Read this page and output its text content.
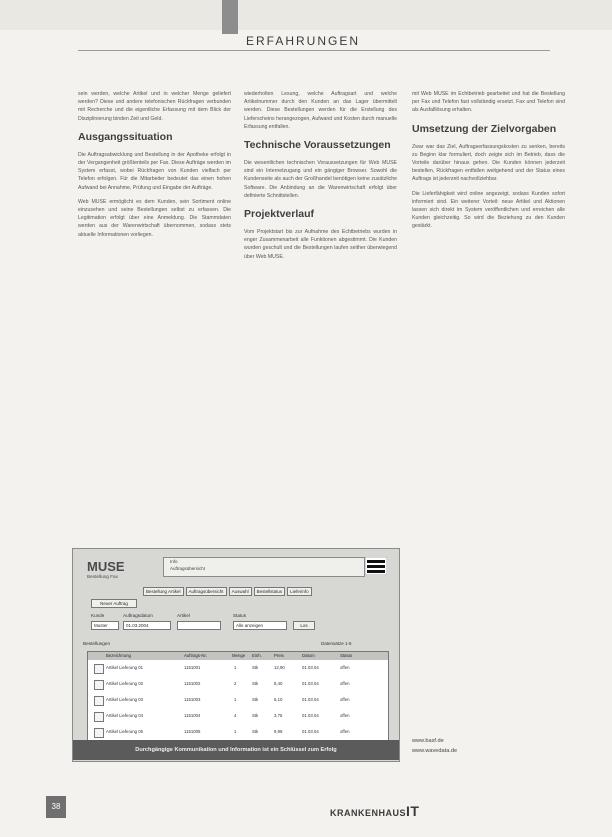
ERFAHRUNGEN

sein werden, welche Artikel und in welcher Menge geliefert werden? Diese und andere telefonischen Rückfragen verbunden mit Recherche und die eigentliche Erfassung mit dem Blick der Disziplinierung binden Zeit und Geld.

Ausgangssituation

Die Auftragsabwicklung und Bestellung in der Apotheke erfolgt in der Vergangenheit größtenteils per Fax. Diese Aufträge werden im System erfasst, wobei Rückfragen von Kunden vielfach per Telefon erfolgen. Für die Mitarbeiter bedeutet das einen hohen Aufwand bei Annahme, Prüfung und Eingabe der Aufträge.

Web MUSE ermöglicht es dem Kunden, sein Sortiment online einzusehen und seine Bestellungen selbst zu erfassen. Die Legitimation erfolgt über eine Anmeldung. Die Stammdaten werden aus der Warenwirtschaft übernommen, sodass stets aktuelle Informationen vorliegen.

wiederholten Lesung, welche Auftragsart und welche Artikelnummer durch den Kunden an das Lager übermittelt werden. Diese Bestellungen werden für die Erstellung des Lieferscheins herangezogen, Aufwand und Kosten durch manuelle Erfassung entfallen.

Technische Voraussetzungen

Die wesentlichen technischen Voraussetzungen für Web MUSE sind ein Internetzugang und ein gängiger Browser. Sowohl die Kundenseite als auch der Großhandel benötigen keine zusätzliche Software. Die Anbindung an die Warenwirtschaft erfolgt über definierte Schnittstellen.

Projektverlauf

Vom Projektstart bis zur Aufnahme des Echtbetriebs wurden in enger Zusammenarbeit alle Funktionen abgestimmt. Die Kunden wurden geschult und die Bestellungen laufen seither überwiegend über Web MUSE.

mit Web MUSE im Echtbetrieb gearbeitet und hat die Bestellung per Fax und Telefon fast vollständig ersetzt. Fax und Telefon sind als Ausfalllösung erhalten.

Umsetzung der Zielvorgaben

Zwar war das Ziel, Auftragserfassungskosten zu senken, bereits zu Beginn klar formuliert, doch zeigte sich im Betrieb, dass die Vorteile darüber hinaus gehen. Die Kunden können jederzeit bestellen, Rückfragen entfallen weitgehend und der Status eines Auftrags ist jederzeit nachvollziehbar.

Die Lieferfähigkeit wird online angezeigt, sodass Kunden sofort informiert sind. Ein weiterer Vorteil: neue Artikel und Aktionen lassen sich direkt im System veröffentlichen und erreichen alle Kunden gleichzeitig. So wird die Beziehung zu den Kunden gestärkt.

MUSE
Bestellung Fax
Info
Auftragsübersicht
Bestellung Artikel	Auftragsübersicht	Auswahl	Bestellstatus	Lieferinfo
Neuer Auftrag
Kunde
Muster
Auftragsdatum
01.03.2004
Artikel	Status
Alle anzeigen	Los
Bestellungen	Datensätze 1-5
Bezeichnung	Auftrags-Nr.	Menge Einh.	Preis	Datum	Status
Artikel Lieferung 01	1151001	1	Stk	12,90	01.03.04	offen
Artikel Lieferung 02	1151002	2	Stk	8,40	01.03.04	offen
Artikel Lieferung 03	1151003	1	Stk	5,10	01.03.04	offen
Artikel Lieferung 04	1151004	4	Stk	3,75	01.03.04	offen
Artikel Lieferung 05	1151005	1	Stk	9,99	01.03.04	offen
Durchgängige Kommunikation und Information ist ein Schlüssel zum Erfolg
www.basf.de
www.wavedata.de
38
KRANKENHAUSIT
